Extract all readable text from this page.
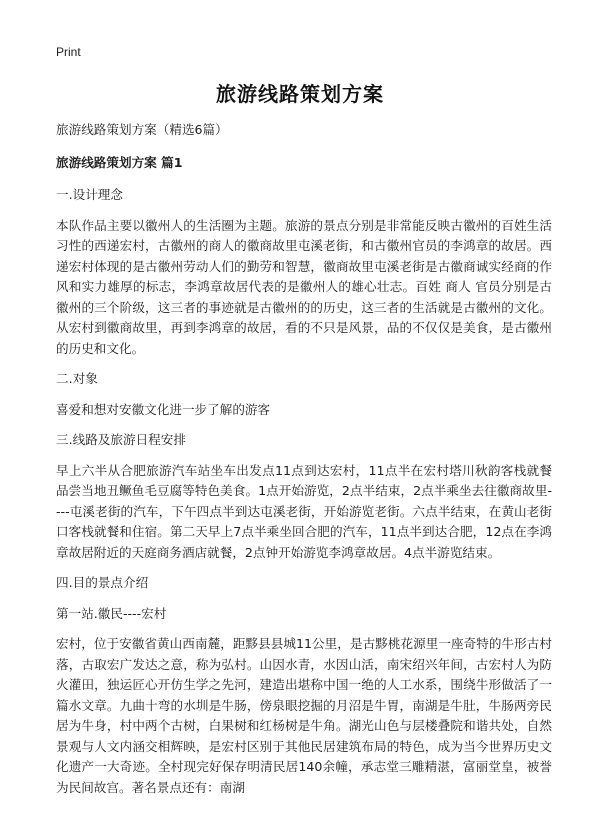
Print
旅游线路策划方案

旅游线路策划方案（精选6篇）

旅游线路策划方案 篇1

一.设计理念

本队作品主要以徽州人的生活圈为主题。旅游的景点分别是非常能反映古徽州的百姓生活习性的西递宏村，古徽州的商人的徽商故里屯溪老街，和古徽州官员的李鸿章的故居。西递宏村体现的是古徽州劳动人们的勤劳和智慧，徽商故里屯溪老街是古徽商诚实经商的作风和实力雄厚的标志，李鸿章故居代表的是徽州人的雄心壮志。百姓 商人 官员分别是古徽州的三个阶级，这三者的事迹就是古徽州的的历史，这三者的生活就是古徽州的文化。从宏村到徽商故里，再到李鸿章的故居，看的不只是风景，品的不仅仅是美食，是古徽州的历史和文化。

二.对象

喜爱和想对安徽文化进一步了解的游客

三.线路及旅游日程安排

早上六半从合肥旅游汽车站坐车出发点11点到达宏村，11点半在宏村塔川秋韵客栈就餐品尝当地丑鳜鱼毛豆腐等特色美食。1点开始游览，2点半结束，2点半乘坐去往徽商故里----屯溪老街的汽车，下午四点半到达屯溪老街，开始游览老街。六点半结束，在黄山老街口客栈就餐和住宿。第二天早上7点半乘坐回合肥的汽车，11点半到达合肥，12点在李鸿章故居附近的天庭商务酒店就餐，2点钟开始游览李鸿章故居。4点半游览结束。

四.目的景点介绍

第一站.徽民----宏村

宏村，位于安徽省黄山西南麓，距黟县县城11公里，是古黟桃花源里一座奇特的牛形古村落，古取宏广发达之意，称为弘村。山因水青，水因山活，南宋绍兴年间，古宏村人为防火灌田，独运匠心开仿生学之先河，建造出堪称中国一绝的人工水系，围绕牛形做活了一篇水文章。九曲十弯的水圳是牛肠，傍泉眼挖掘的月沼是牛胃，南湖是牛肚，牛肠两旁民居为牛身，村中两个古树，白果树和红杨树是牛角。湖光山色与层楼叠院和谐共处，自然景观与人文内涵交相辉映，是宏村区别于其他民居建筑布局的特色，成为当今世界历史文化遗产一大奇迹。全村现完好保存明清民居140余幢，承志堂三雕精湛，富丽堂皇，被誉为民间故宫。著名景点还有：南湖
